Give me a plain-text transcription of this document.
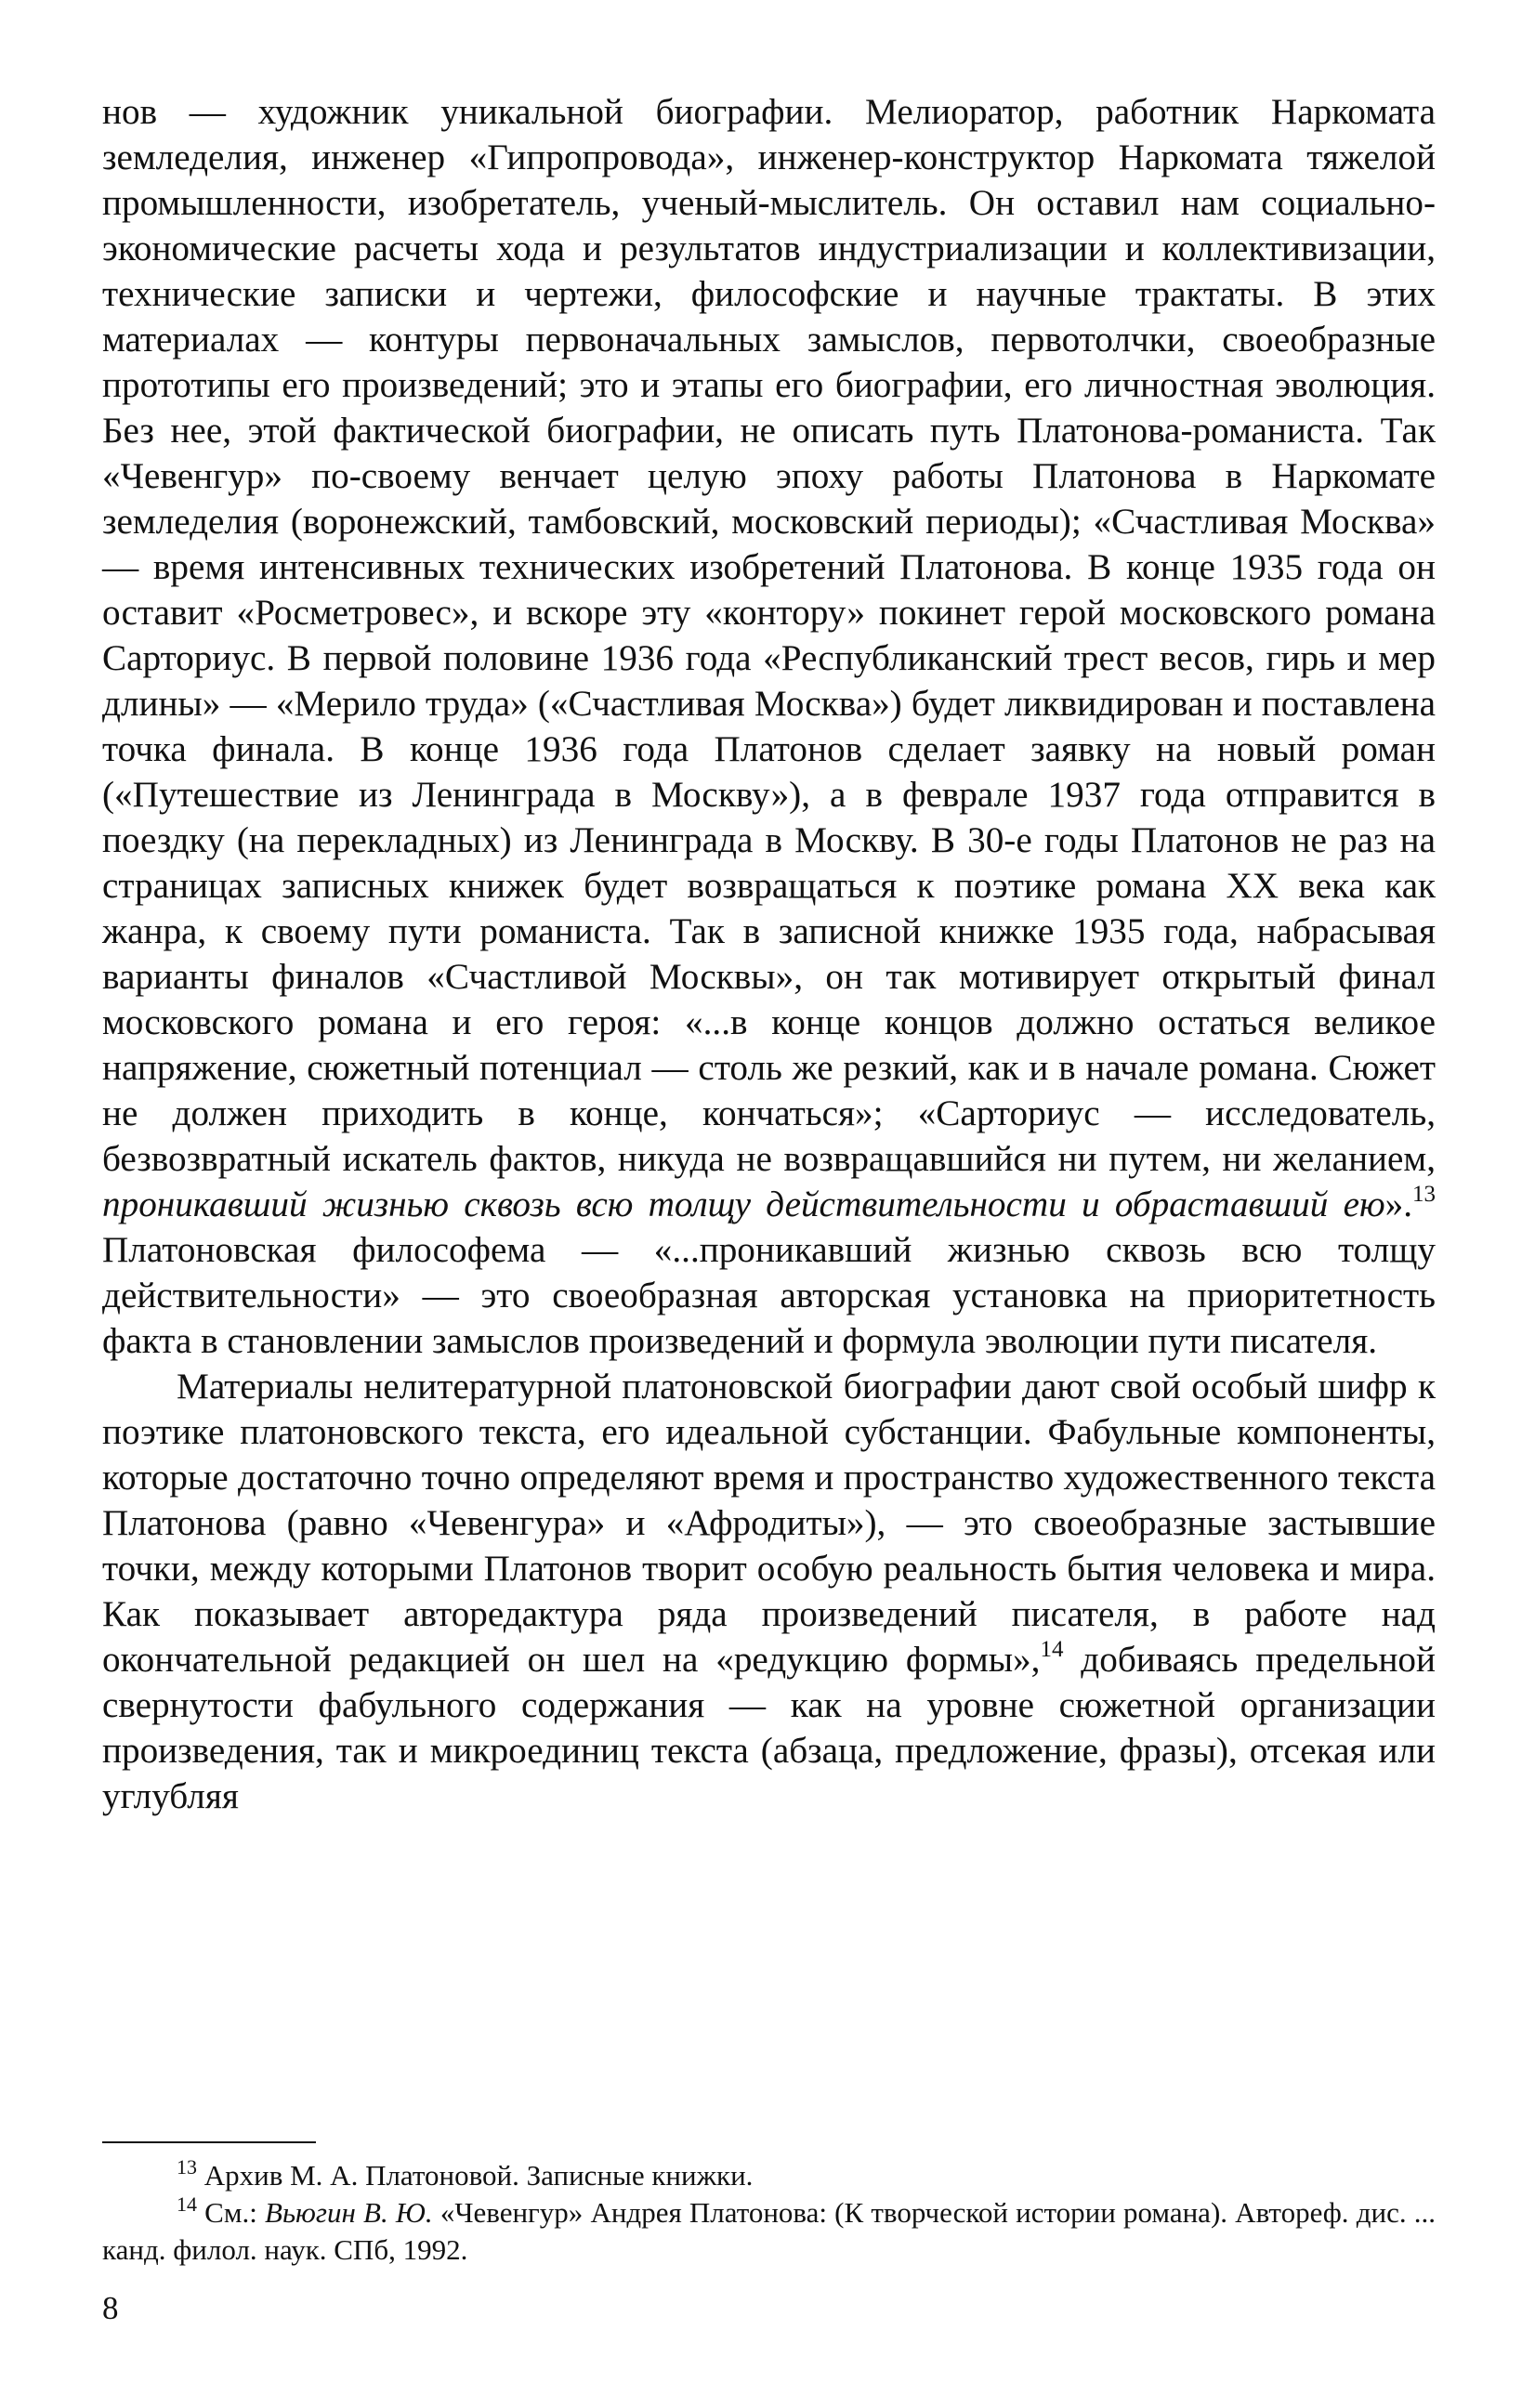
нов — художник уникальной биографии. Мелиоратор, работник Наркомата земледелия, инженер «Гипропровода», инженер-конструктор Наркомата тяжелой промышленности, изобретатель, ученый-мыслитель. Он оставил нам социально-экономические расчеты хода и результатов индустриализации и коллективизации, технические записки и чертежи, философские и научные трактаты. В этих материалах — контуры первоначальных замыслов, первотолчки, своеобразные прототипы его произведений; это и этапы его биографии, его личностная эволюция. Без нее, этой фактической биографии, не описать путь Платонова-романиста. Так «Чевенгур» по-своему венчает целую эпоху работы Платонова в Наркомате земледелия (воронежский, тамбовский, московский периоды); «Счастливая Москва» — время интенсивных технических изобретений Платонова. В конце 1935 года он оставит «Росметровес», и вскоре эту «контору» покинет герой московского романа Сарториус. В первой половине 1936 года «Республиканский трест весов, гирь и мер длины» — «Мерило труда» («Счастливая Москва») будет ликвидирован и поставлена точка финала. В конце 1936 года Платонов сделает заявку на новый роман («Путешествие из Ленинграда в Москву»), а в феврале 1937 года отправится в поездку (на перекладных) из Ленинграда в Москву. В 30-е годы Платонов не раз на страницах записных книжек будет возвращаться к поэтике романа XX века как жанра, к своему пути романиста. Так в записной книжке 1935 года, набрасывая варианты финалов «Счастливой Москвы», он так мотивирует открытый финал московского романа и его героя: «...в конце концов должно остаться великое напряжение, сюжетный потенциал — столь же резкий, как и в начале романа. Сюжет не должен приходить в конце, кончаться»; «Сарториус — исследователь, безвозвратный искатель фактов, никуда не возвращавшийся ни путем, ни желанием, проникавший жизнью сквозь всю толщу действительности и обраставший ею».$^{13}$ Платоновская философема — «...проникавший жизнью сквозь всю толщу действительности» — это своеобразная авторская установка на приоритетность факта в становлении замыслов произведений и формула эволюции пути писателя.

Материалы нелитературной платоновской биографии дают свой особый шифр к поэтике платоновского текста, его идеальной субстанции. Фабульные компоненты, которые достаточно точно определяют время и пространство художественного текста Платонова (равно «Чевенгура» и «Афродиты»), — это своеобразные застывшие точки, между которыми Платонов творит особую реальность бытия человека и мира. Как показывает авторедактура ряда произведений писателя, в работе над окончательной редакцией он шел на «редукцию формы»,$^{14}$ добиваясь предельной свернутости фабульного содержания — как на уровне сюжетной организации произведения, так и микроединиц текста (абзаца, предложение, фразы), отсекая или углубляя

$^{13}$ Архив М. А. Платоновой. Записные книжки.

$^{14}$ См.: Вьюгин В. Ю. «Чевенгур» Андрея Платонова: (К творческой истории романа). Автореф. дис. ... канд. филол. наук. СПб, 1992.

8
